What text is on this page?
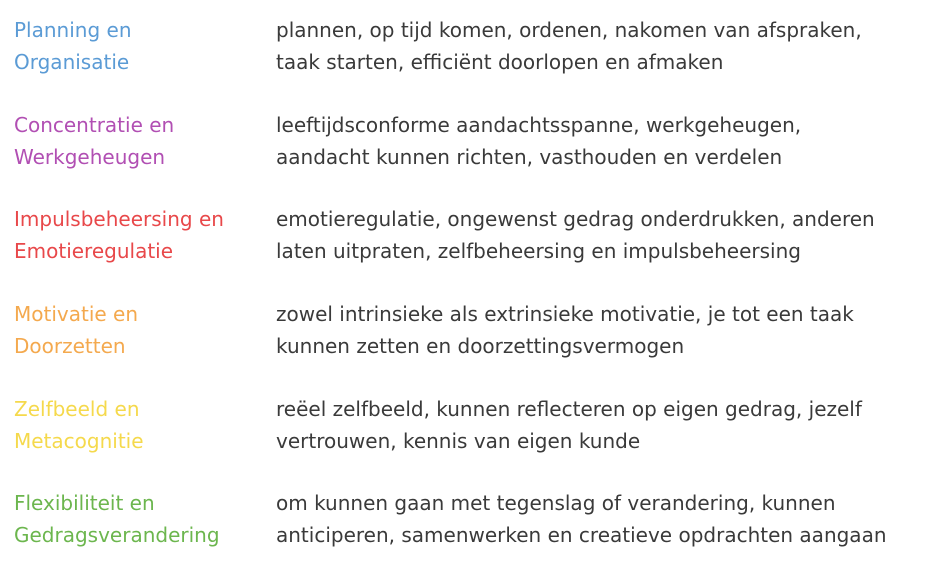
Planning en
Organisatie
plannen, op tijd komen, ordenen, nakomen van afspraken,
taak starten, efficiënt doorlopen en afmaken
Concentratie en
Werkgeheugen
leeftijdsconforme aandachtsspanne, werkgeheugen,
aandacht kunnen richten, vasthouden en verdelen
Impulsbeheersing en
Emotieregulatie
emotieregulatie, ongewenst gedrag onderdrukken, anderen
laten uitpraten, zelfbeheersing en impulsbeheersing
Motivatie en
Doorzetten
zowel intrinsieke als extrinsieke motivatie, je tot een taak
kunnen zetten en doorzettingsvermogen
Zelfbeeld en
Metacognitie
reëel zelfbeeld, kunnen reflecteren op eigen gedrag, jezelf
vertrouwen, kennis van eigen kunde
Flexibiliteit en
Gedragsverandering
om kunnen gaan met tegenslag of verandering, kunnen
anticiperen, samenwerken en creatieve opdrachten aangaan
